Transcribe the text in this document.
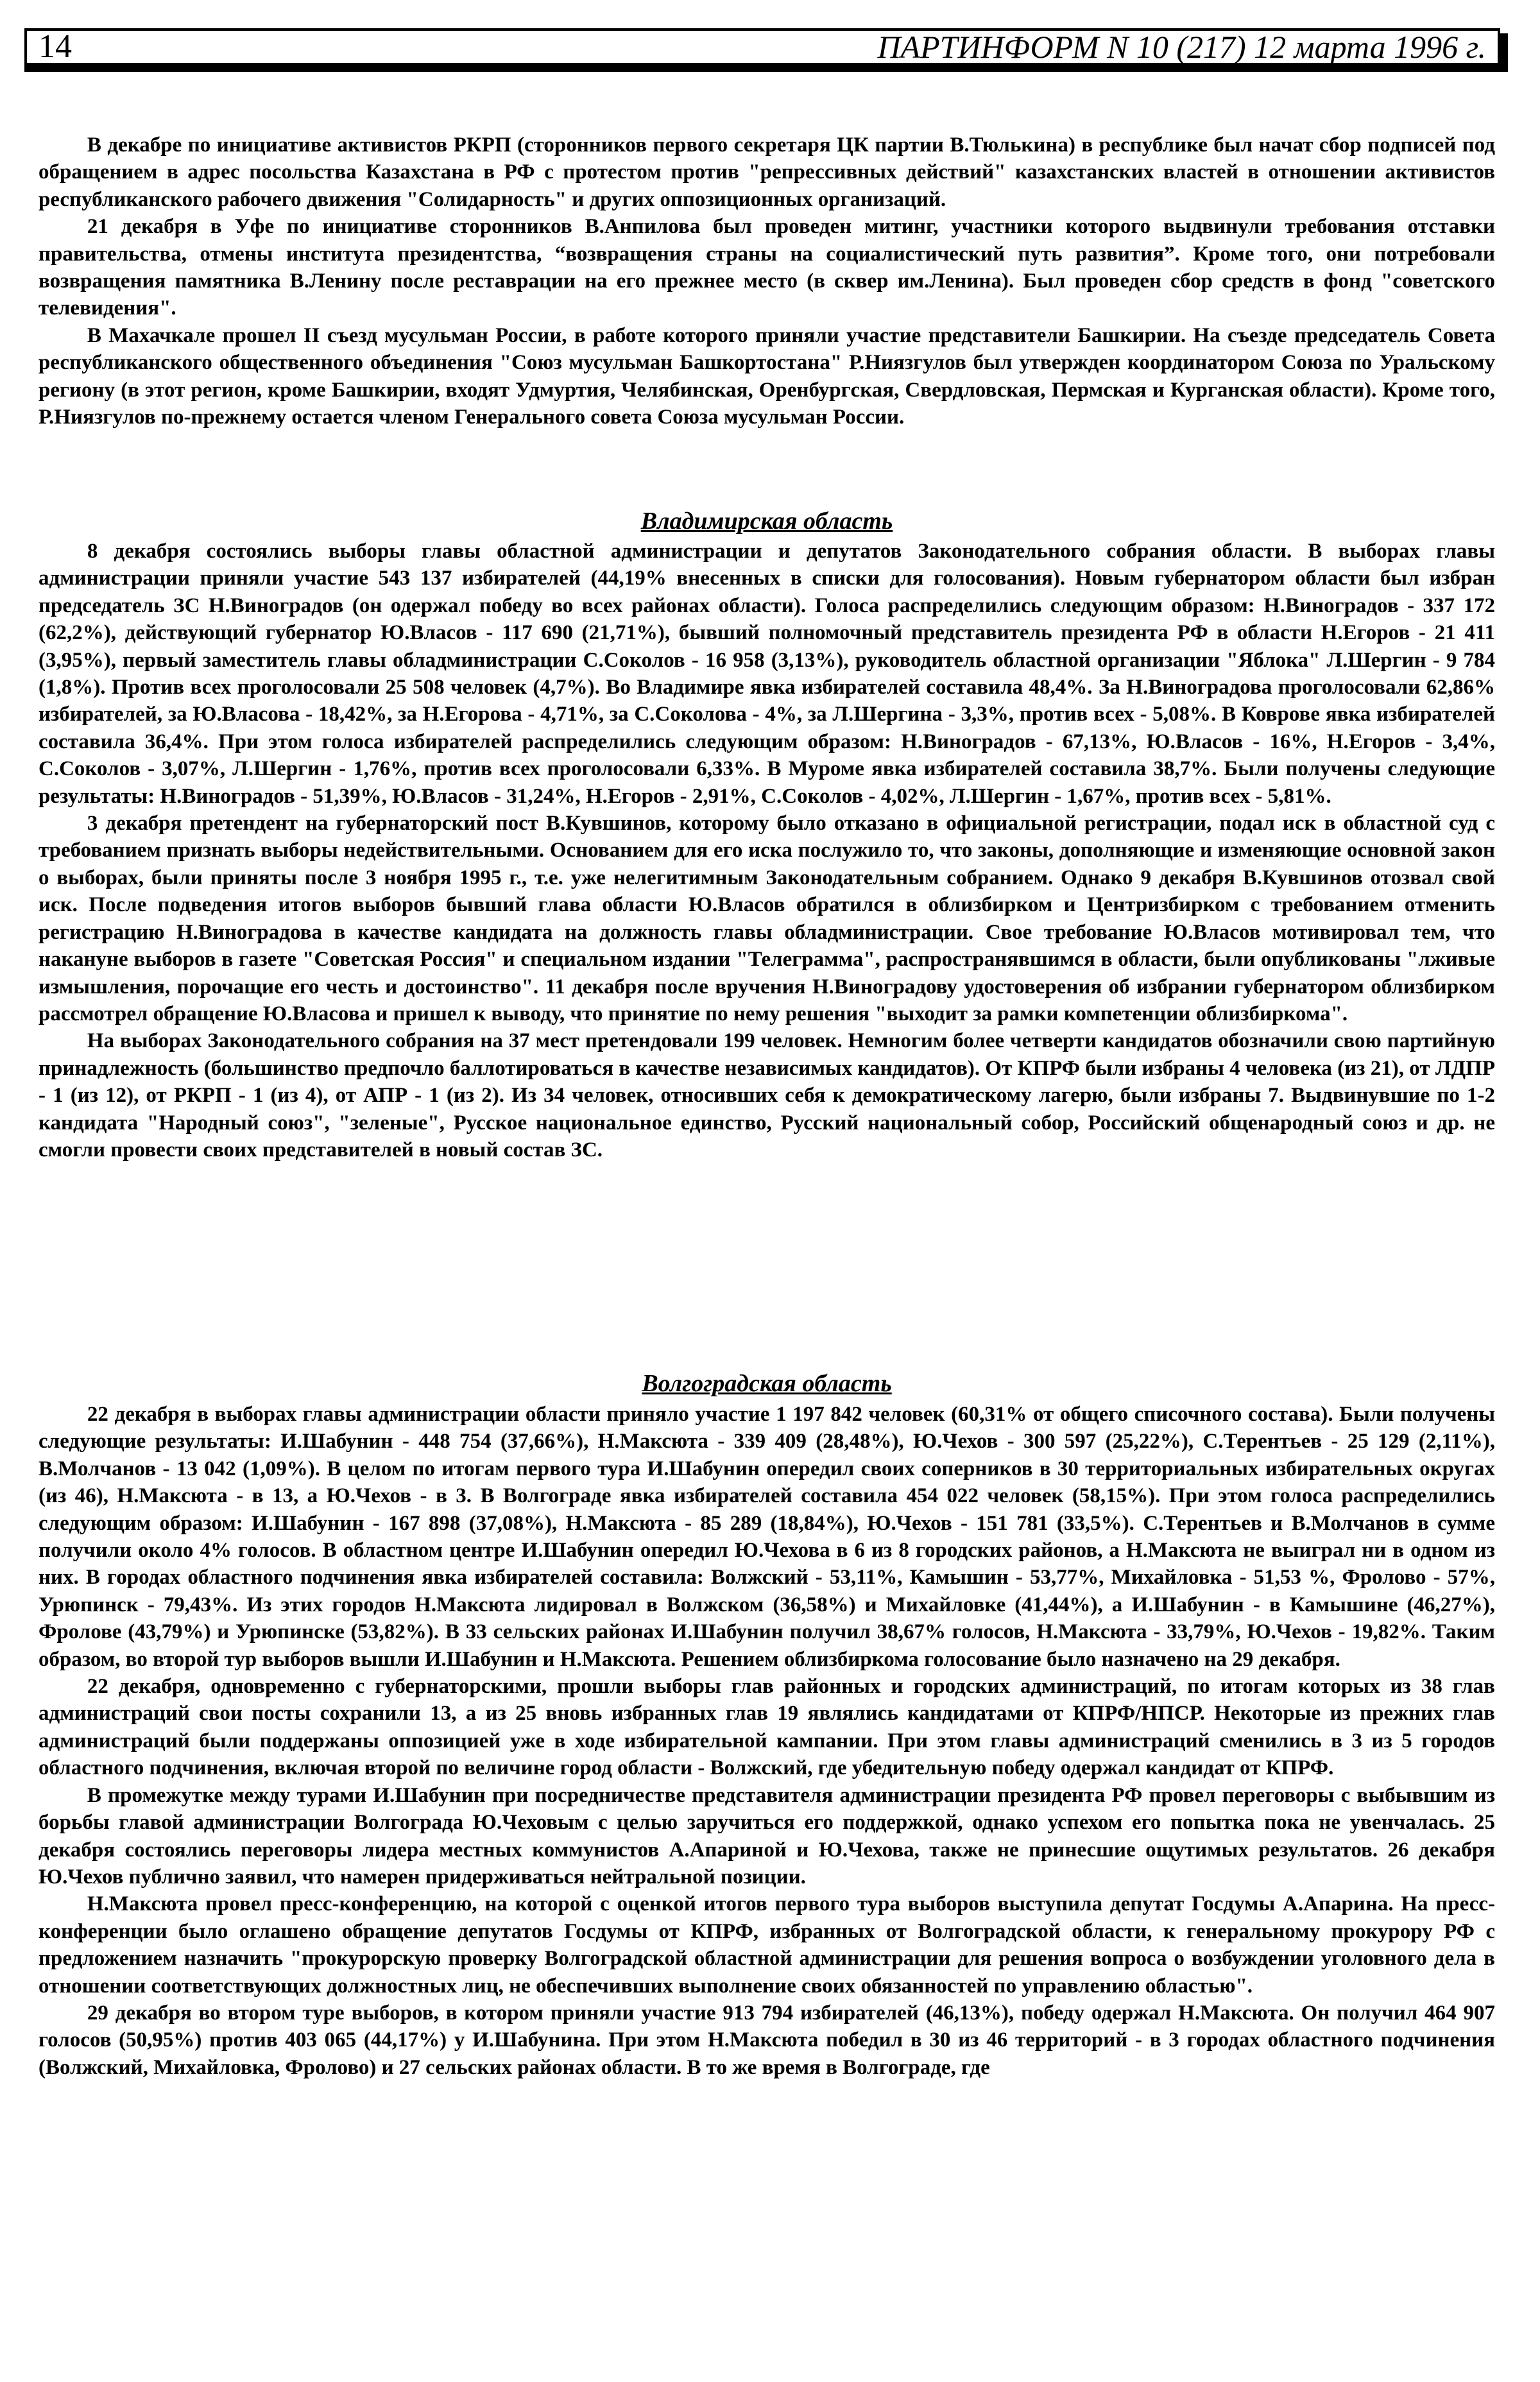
14	ПАРТИНФОРМ N 10 (217) 12 марта 1996 г.

В декабре по инициативе активистов РКРП (сторонников первого секретаря ЦК партии В.Тюлькина) в республике был начат сбор подписей под обращением в адрес посольства Казахстана в РФ с протестом против "репрессивных действий" казахстанских властей в отношении активистов республиканского рабочего движения "Солидарность" и других оппозиционных организаций.

21 декабря в Уфе по инициативе сторонников В.Анпилова был проведен митинг, участники которого выдвинули требования отставки правительства, отмены института президентства, “возвращения страны на социалистический путь развития”. Кроме того, они потребовали возвращения памятника В.Ленину после реставрации на его прежнее место (в сквер им.Ленина). Был проведен сбор средств в фонд "советского телевидения".

В Махачкале прошел II съезд мусульман России, в работе которого приняли участие представители Башкирии. На съезде председатель Совета республиканского общественного объединения "Союз мусульман Башкортостана" Р.Ниязгулов был утвержден координатором Союза по Уральскому региону (в этот регион, кроме Башкирии, входят Удмуртия, Челябинская, Оренбургская, Свердловская, Пермская и Курганская области). Кроме того, Р.Ниязгулов по-прежнему остается членом Генерального совета Союза мусульман России.

Владимирская область

8 декабря состоялись выборы главы областной администрации и депутатов Законодательного собрания области. В выборах главы администрации приняли участие 543 137 избирателей (44,19% внесенных в списки для голосования). Новым губернатором области был избран председатель ЗС Н.Виноградов (он одержал победу во всех районах области). Голоса распределились следующим образом: Н.Виноградов - 337 172 (62,2%), действующий губернатор Ю.Власов - 117 690 (21,71%), бывший полномочный представитель президента РФ в области Н.Егоров - 21 411 (3,95%), первый заместитель главы обладминистрации С.Соколов - 16 958 (3,13%), руководитель областной организации "Яблока" Л.Шергин - 9 784 (1,8%). Против всех проголосовали 25 508 человек (4,7%). Во Владимире явка избирателей составила 48,4%. За Н.Виноградова проголосовали 62,86% избирателей, за Ю.Власова - 18,42%, за Н.Егорова - 4,71%, за С.Соколова - 4%, за Л.Шергина - 3,3%, против всех - 5,08%. В Коврове явка избирателей составила 36,4%. При этом голоса избирателей распределились следующим образом: Н.Виноградов - 67,13%, Ю.Власов - 16%, Н.Егоров - 3,4%, С.Соколов - 3,07%, Л.Шергин - 1,76%, против всех проголосовали 6,33%. В Муроме явка избирателей составила 38,7%. Были получены следующие результаты: Н.Виноградов - 51,39%, Ю.Власов - 31,24%, Н.Егоров - 2,91%, С.Соколов - 4,02%, Л.Шергин - 1,67%, против всех - 5,81%.

3 декабря претендент на губернаторский пост В.Кувшинов, которому было отказано в официальной регистрации, подал иск в областной суд с требованием признать выборы недействительными. Основанием для его иска послужило то, что законы, дополняющие и изменяющие основной закон о выборах, были приняты после 3 ноября 1995 г., т.е. уже нелегитимным Законодательным собранием. Однако 9 декабря В.Кувшинов отозвал свой иск. После подведения итогов выборов бывший глава области Ю.Власов обратился в облизбирком и Центризбирком с требованием отменить регистрацию Н.Виноградова в качестве кандидата на должность главы обладминистрации. Свое требование Ю.Власов мотивировал тем, что накануне выборов в газете "Советская Россия" и специальном издании "Телеграмма", распространявшимся в области, были опубликованы "лживые измышления, порочащие его честь и достоинство". 11 декабря после вручения Н.Виноградову удостоверения об избрании губернатором облизбирком рассмотрел обращение Ю.Власова и пришел к выводу, что принятие по нему решения "выходит за рамки компетенции облизбиркома".

На выборах Законодательного собрания на 37 мест претендовали 199 человек. Немногим более четверти кандидатов обозначили свою партийную принадлежность (большинство предпочло баллотироваться в качестве независимых кандидатов). От КПРФ были избраны 4 человека (из 21), от ЛДПР - 1 (из 12), от РКРП - 1 (из 4), от АПР - 1 (из 2). Из 34 человек, относивших себя к демократическому лагерю, были избраны 7. Выдвинувшие по 1-2 кандидата "Народный союз", "зеленые", Русское национальное единство, Русский национальный собор, Российский общенародный союз и др. не смогли провести своих представителей в новый состав ЗС.

Волгоградская область

22 декабря в выборах главы администрации области приняло участие 1 197 842 человек (60,31% от общего списочного состава). Были получены следующие результаты: И.Шабунин - 448 754 (37,66%), Н.Максюта - 339 409 (28,48%), Ю.Чехов - 300 597 (25,22%), С.Терентьев - 25 129 (2,11%), В.Молчанов - 13 042 (1,09%). В целом по итогам первого тура И.Шабунин опередил своих соперников в 30 территориальных избирательных округах (из 46), Н.Максюта - в 13, а Ю.Чехов - в 3. В Волгограде явка избирателей составила 454 022 человек (58,15%). При этом голоса распределились следующим образом: И.Шабунин - 167 898 (37,08%), Н.Максюта - 85 289 (18,84%), Ю.Чехов - 151 781 (33,5%). С.Терентьев и В.Молчанов в сумме получили около 4% голосов. В областном центре И.Шабунин опередил Ю.Чехова в 6 из 8 городских районов, а Н.Максюта не выиграл ни в одном из них. В городах областного подчинения явка избирателей составила: Волжский - 53,11%, Камышин - 53,77%, Михайловка - 51,53 %, Фролово - 57%, Урюпинск - 79,43%. Из этих городов Н.Максюта лидировал в Волжском (36,58%) и Михайловке (41,44%), а И.Шабунин - в Камышине (46,27%), Фролове (43,79%) и Урюпинске (53,82%). В 33 сельских районах И.Шабунин получил 38,67% голосов, Н.Максюта - 33,79%, Ю.Чехов - 19,82%. Таким образом, во второй тур выборов вышли И.Шабунин и Н.Максюта. Решением облизбиркома голосование было назначено на 29 декабря.

22 декабря, одновременно с губернаторскими, прошли выборы глав районных и городских администраций, по итогам которых из 38 глав администраций свои посты сохранили 13, а из 25 вновь избранных глав 19 являлись кандидатами от КПРФ/НПСР. Некоторые из прежних глав администраций были поддержаны оппозицией уже в ходе избирательной кампании. При этом главы администраций сменились в 3 из 5 городов областного подчинения, включая второй по величине город области - Волжский, где убедительную победу одержал кандидат от КПРФ.

В промежутке между турами И.Шабунин при посредничестве представителя администрации президента РФ провел переговоры с выбывшим из борьбы главой администрации Волгограда Ю.Чеховым с целью заручиться его поддержкой, однако успехом его попытка пока не увенчалась. 25 декабря состоялись переговоры лидера местных коммунистов А.Апариной и Ю.Чехова, также не принесшие ощутимых результатов. 26 декабря Ю.Чехов публично заявил, что намерен придерживаться нейтральной позиции.

Н.Максюта провел пресс-конференцию, на которой с оценкой итогов первого тура выборов выступила депутат Госдумы А.Апарина. На пресс-конференции было оглашено обращение депутатов Госдумы от КПРФ, избранных от Волгоградской области, к генеральному прокурору РФ с предложением назначить "прокурорскую проверку Волгоградской областной администрации для решения вопроса о возбуждении уголовного дела в отношении соответствующих должностных лиц, не обеспечивших выполнение своих обязанностей по управлению областью".

29 декабря во втором туре выборов, в котором приняли участие 913 794 избирателей (46,13%), победу одержал Н.Максюта. Он получил 464 907 голосов (50,95%) против 403 065 (44,17%) у И.Шабунина. При этом Н.Максюта победил в 30 из 46 территорий - в 3 городах областного подчинения (Волжский, Михайловка, Фролово) и 27 сельских районах области. В то же время в Волгограде, где
